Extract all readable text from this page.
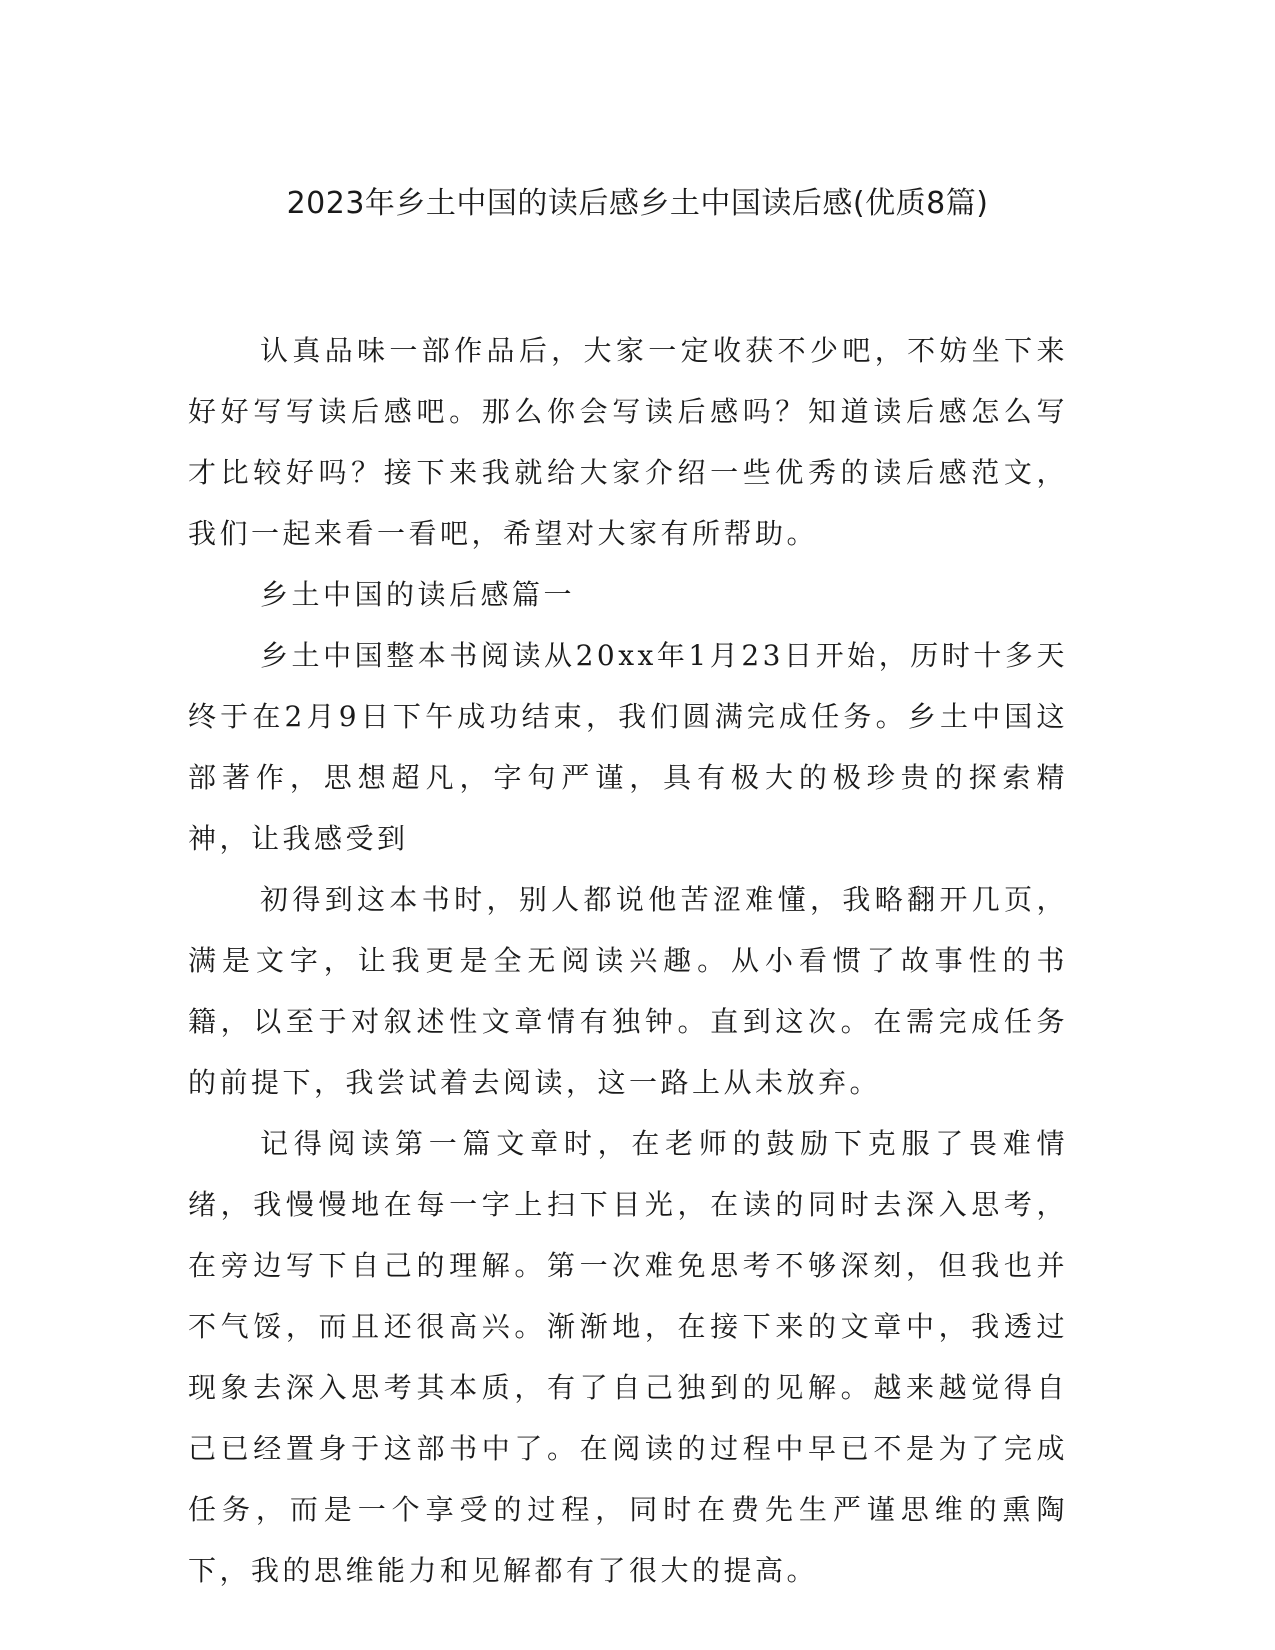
2023年乡土中国的读后感乡土中国读后感(优质8篇)

认真品味一部作品后，大家一定收获不少吧，不妨坐下来好好写写读后感吧。那么你会写读后感吗？知道读后感怎么写才比较好吗？接下来我就给大家介绍一些优秀的读后感范文，我们一起来看一看吧，希望对大家有所帮助。

乡土中国的读后感篇一

乡土中国整本书阅读从20xx年1月23日开始，历时十多天终于在2月9日下午成功结束，我们圆满完成任务。乡土中国这部著作，思想超凡，字句严谨，具有极大的极珍贵的探索精神，让我感受到

初得到这本书时，别人都说他苦涩难懂，我略翻开几页，满是文字，让我更是全无阅读兴趣。从小看惯了故事性的书籍，以至于对叙述性文章情有独钟。直到这次。在需完成任务的前提下，我尝试着去阅读，这一路上从未放弃。

记得阅读第一篇文章时，在老师的鼓励下克服了畏难情绪，我慢慢地在每一字上扫下目光，在读的同时去深入思考，在旁边写下自己的理解。第一次难免思考不够深刻，但我也并不气馁，而且还很高兴。渐渐地，在接下来的文章中，我透过现象去深入思考其本质，有了自己独到的见解。越来越觉得自己已经置身于这部书中了。在阅读的过程中早已不是为了完成任务，而是一个享受的过程，同时在费先生严谨思维的熏陶下，我的思维能力和见解都有了很大的提高。
